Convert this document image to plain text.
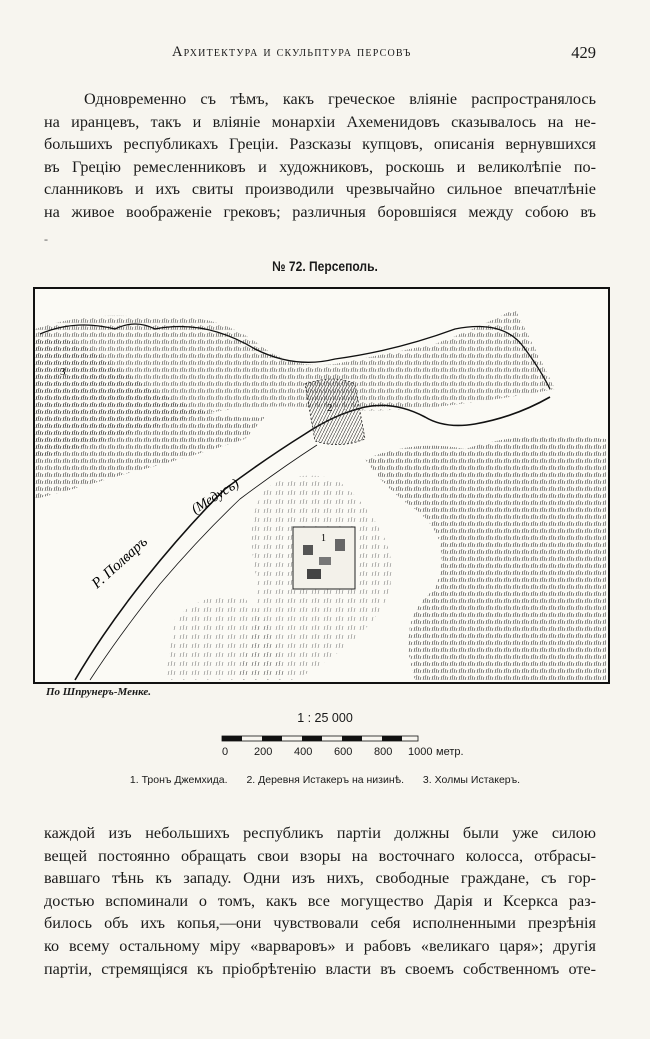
Архитектура и скульптура персовъ	429
Одновременно съ тѣмъ, какъ греческое вліяніе распространялось
на иранцевъ, такъ и вліяніе монархіи Ахеменидовъ сказывалось на не-
большихъ республикахъ Греціи. Разсказы купцовъ, описанія вернувшихся
въ Грецію ремесленниковъ и художниковъ, роскошь и великолѣпіе по-
сланниковъ и ихъ свиты производили чрезвычайно сильное впечатлѣніе
на живое воображеніе грековъ; различныя боровшіяся между собою въ
-
№ 72. Персеполь.
1
2
3
Р. Полваръ
(Медусъ)
По Шпрунеръ-Менке.
1 : 25 000
0 200 400 600 800 1000 метр.
1. Тронъ Джемхида. 2. Деревня Истакеръ на низинѣ. 3. Холмы Истакеръ.
каждой изъ небольшихъ республикъ партіи должны были уже силою
вещей постоянно обращать свои взоры на восточнаго колосса, отбрасы-
вавшаго тѣнь къ западу. Одни изъ нихъ, свободные граждане, съ гор-
достью вспоминали о томъ, какъ все могущество Дарія и Ксеркса раз-
билось объ ихъ копья,—они чувствовали себя исполненными презрѣнія
ко всему остальному міру «варваровъ» и рабовъ «великаго царя»; другія
партіи, стремящіяся къ пріобрѣтенію власти въ своемъ собственномъ оте-
